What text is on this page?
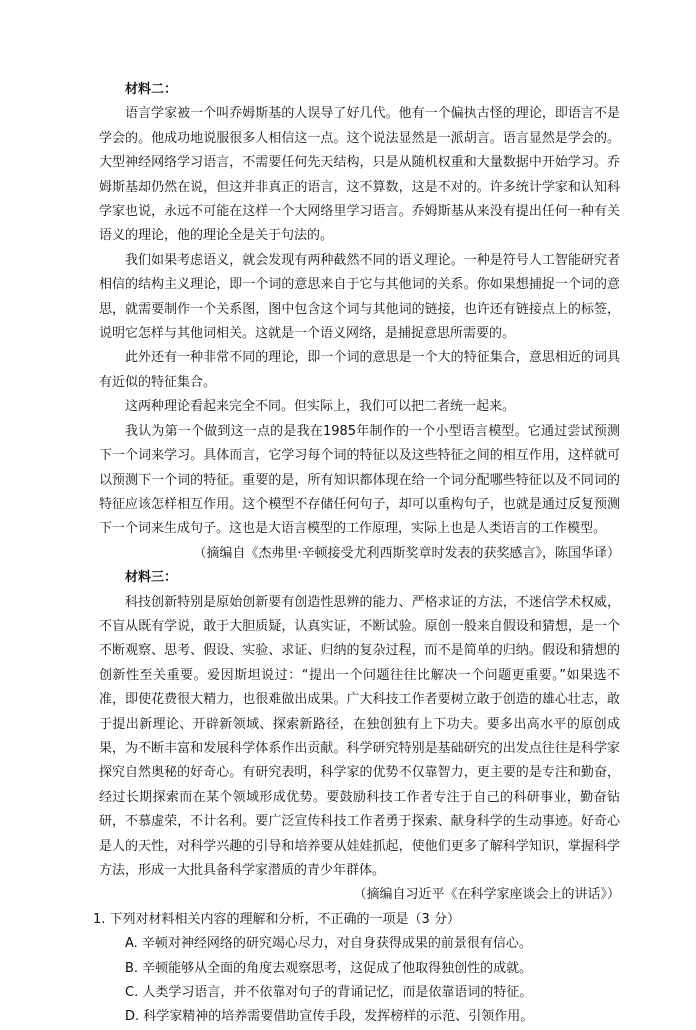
材料二：

语言学家被一个叫乔姆斯基的人误导了好几代。他有一个偏执古怪的理论，即语言不是学会的。他成功地说服很多人相信这一点。这个说法显然是一派胡言。语言显然是学会的。大型神经网络学习语言，不需要任何先天结构，只是从随机权重和大量数据中开始学习。乔姆斯基却仍然在说，但这并非真正的语言，这不算数，这是不对的。许多统计学家和认知科学家也说，永远不可能在这样一个大网络里学习语言。乔姆斯基从来没有提出任何一种有关语义的理论，他的理论全是关于句法的。

我们如果考虑语义，就会发现有两种截然不同的语义理论。一种是符号人工智能研究者相信的结构主义理论，即一个词的意思来自于它与其他词的关系。你如果想捕捉一个词的意思，就需要制作一个关系图，图中包含这个词与其他词的链接，也许还有链接点上的标签，说明它怎样与其他词相关。这就是一个语义网络，是捕捉意思所需要的。

此外还有一种非常不同的理论，即一个词的意思是一个大的特征集合，意思相近的词具有近似的特征集合。

这两种理论看起来完全不同。但实际上，我们可以把二者统一起来。

我认为第一个做到这一点的是我在1985年制作的一个小型语言模型。它通过尝试预测下一个词来学习。具体而言，它学习每个词的特征以及这些特征之间的相互作用，这样就可以预测下一个词的特征。重要的是，所有知识都体现在给一个词分配哪些特征以及不同词的特征应该怎样相互作用。这个模型不存储任何句子，却可以重构句子，也就是通过反复预测下一个词来生成句子。这也是大语言模型的工作原理，实际上也是人类语言的工作模型。

（摘编自《杰弗里·辛顿接受尤利西斯奖章时发表的获奖感言》，陈国华译）

材料三：

科技创新特别是原始创新要有创造性思辨的能力、严格求证的方法，不迷信学术权威，不盲从既有学说，敢于大胆质疑，认真实证，不断试验。原创一般来自假设和猜想，是一个不断观察、思考、假设、实验、求证、归纳的复杂过程，而不是简单的归纳。假设和猜想的创新性至关重要。爱因斯坦说过：“提出一个问题往往比解决一个问题更重要。”如果选不准，即使花费很大精力，也很难做出成果。广大科技工作者要树立敢于创造的雄心壮志，敢于提出新理论、开辟新领域、探索新路径，在独创独有上下功夫。要多出高水平的原创成果，为不断丰富和发展科学体系作出贡献。科学研究特别是基础研究的出发点往往是科学家探究自然奥秘的好奇心。有研究表明，科学家的优势不仅靠智力，更主要的是专注和勤奋，经过长期探索而在某个领域形成优势。要鼓励科技工作者专注于自己的科研事业，勤奋钻研，不慕虚荣，不计名利。要广泛宣传科技工作者勇于探索、献身科学的生动事迹。好奇心是人的天性，对科学兴趣的引导和培养要从娃娃抓起，使他们更多了解科学知识，掌握科学方法，形成一大批具备科学家潜质的青少年群体。

（摘编自习近平《在科学家座谈会上的讲话》）

1. 下列对材料相关内容的理解和分析，不正确的一项是（3 分）

A. 辛顿对神经网络的研究竭心尽力，对自身获得成果的前景很有信心。

B. 辛顿能够从全面的角度去观察思考，这促成了他取得独创性的成就。

C. 人类学习语言，并不依靠对句子的背诵记忆，而是依靠语词的特征。

D. 科学家精神的培养需要借助宣传手段，发挥榜样的示范、引领作用。
